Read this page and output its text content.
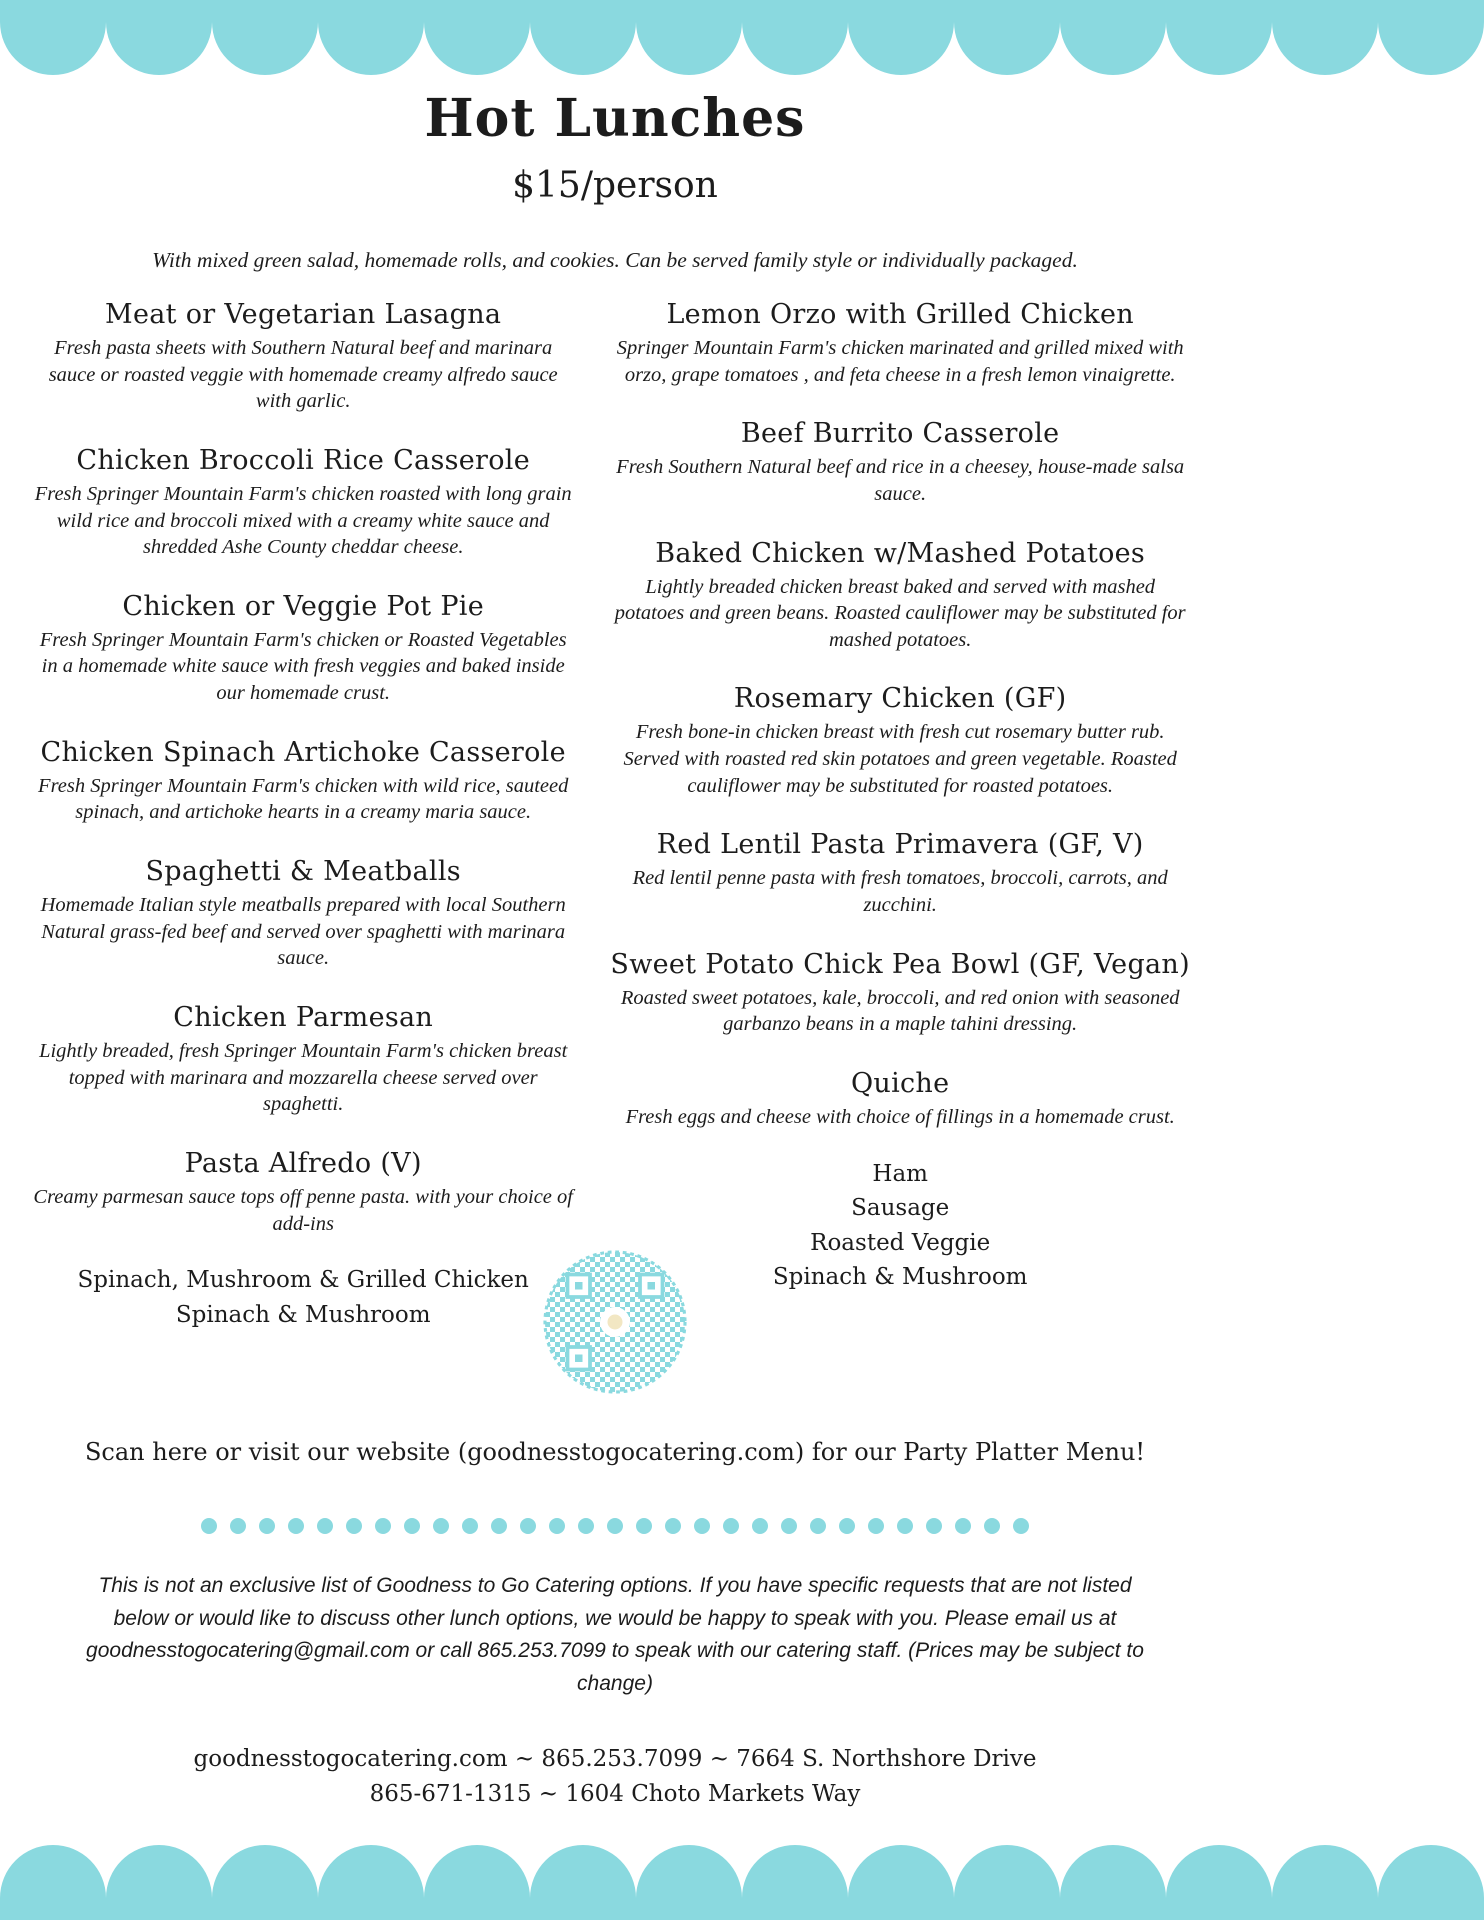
Hot Lunches
$15/person

With mixed green salad, homemade rolls, and cookies. Can be served family style or individually packaged.

Meat or Vegetarian Lasagna

Fresh pasta sheets with Southern Natural beef and marinara sauce or roasted veggie with homemade creamy alfredo sauce with garlic.

Chicken Broccoli Rice Casserole

Fresh Springer Mountain Farm's chicken roasted with long grain wild rice and broccoli mixed with a creamy white sauce and shredded Ashe County cheddar cheese.

Chicken or Veggie Pot Pie

Fresh Springer Mountain Farm's chicken or Roasted Vegetables in a homemade white sauce with fresh veggies and baked inside our homemade crust.

Chicken Spinach Artichoke Casserole

Fresh Springer Mountain Farm's chicken with wild rice, sauteed spinach, and artichoke hearts in a creamy maria sauce.

Spaghetti & Meatballs

Homemade Italian style meatballs prepared with local Southern Natural grass-fed beef and served over spaghetti with marinara sauce.

Chicken Parmesan

Lightly breaded, fresh Springer Mountain Farm's chicken breast topped with marinara and mozzarella cheese served over spaghetti.

Pasta Alfredo (V)

Creamy parmesan sauce tops off penne pasta. with your choice of add-ins

Spinach, Mushroom & Grilled Chicken
Spinach & Mushroom
Lemon Orzo with Grilled Chicken

Springer Mountain Farm's chicken marinated and grilled mixed with orzo, grape tomatoes , and feta cheese in a fresh lemon vinaigrette.

Beef Burrito Casserole

Fresh Southern Natural beef and rice in a cheesey, house-made salsa sauce.

Baked Chicken w/Mashed Potatoes

Lightly breaded chicken breast baked and served with mashed potatoes and green beans. Roasted cauliflower may be substituted for mashed potatoes.

Rosemary Chicken (GF)

Fresh bone-in chicken breast with fresh cut rosemary butter rub. Served with roasted red skin potatoes and green vegetable. Roasted cauliflower may be substituted for roasted potatoes.

Red Lentil Pasta Primavera (GF, V)

Red lentil penne pasta with fresh tomatoes, broccoli, carrots, and zucchini.

Sweet Potato Chick Pea Bowl (GF, Vegan)

Roasted sweet potatoes, kale, broccoli, and red onion with seasoned garbanzo beans in a maple tahini dressing.

Quiche

Fresh eggs and cheese with choice of fillings in a homemade crust.

Ham
Sausage
Roasted Veggie
Spinach & Mushroom

Scan here or visit our website (goodnesstogocatering.com) for our Party Platter Menu!

This is not an exclusive list of Goodness to Go Catering options. If you have specific requests that are not listed below or would like to discuss other lunch options, we would be happy to speak with you. Please email us at goodnesstogocatering@gmail.com or call 865.253.7099 to speak with our catering staff. (Prices may be subject to change)

goodnesstogocatering.com ~ 865.253.7099 ~ 7664 S. Northshore Drive
865-671-1315 ~ 1604 Choto Markets Way
